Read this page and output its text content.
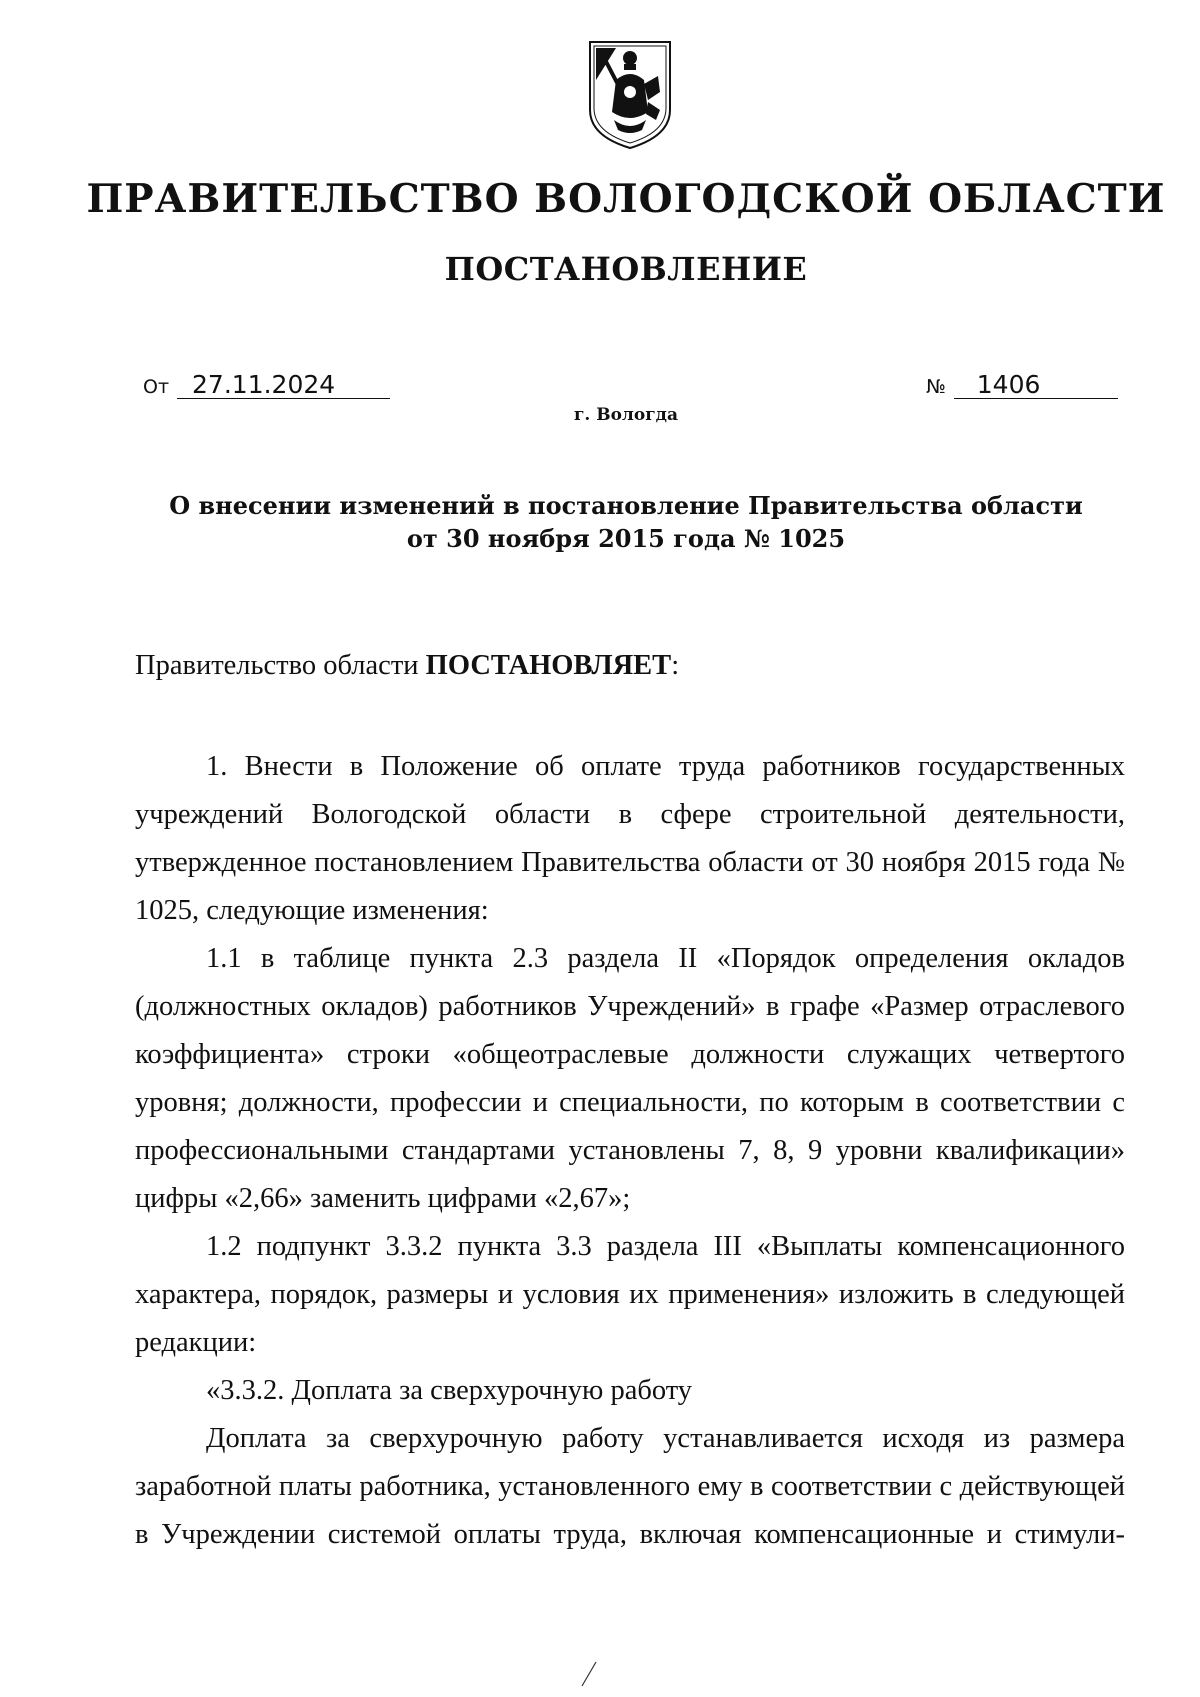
ПРАВИТЕЛЬСТВО ВОЛОГОДСКОЙ ОБЛАСТИ
ПОСТАНОВЛЕНИЕ
От 27.11.2024	№ 1406
г. Вологда
О внесении изменений в постановление Правительства области
от 30 ноября 2015 года № 1025
Правительство области ПОСТАНОВЛЯЕТ:

1. Внести в Положение об оплате труда работников государственных учреждений Вологодской области в сфере строительной деятельности, утвержденное постановлением Правительства области от 30 ноября 2015 года № 1025, следующие изменения:

1.1 в таблице пункта 2.3 раздела II «Порядок определения окладов (должностных окладов) работников Учреждений» в графе «Размер отраслевого коэффициента» строки «общеотраслевые должности служащих четвертого уровня; должности, профессии и специальности, по которым в соответствии с профессиональными стандартами установлены 7, 8, 9 уровни квалификации» цифры «2,66» заменить цифрами «2,67»;

1.2 подпункт 3.3.2 пункта 3.3 раздела III «Выплаты компенсационного характера, порядок, размеры и условия их применения» изложить в следующей редакции:

«3.3.2. Доплата за сверхурочную работу

Доплата за сверхурочную работу устанавливается исходя из размера заработной платы работника, установленного ему в соответствии с действующей в Учреждении системой оплаты труда, включая компенсационные и стимули-
